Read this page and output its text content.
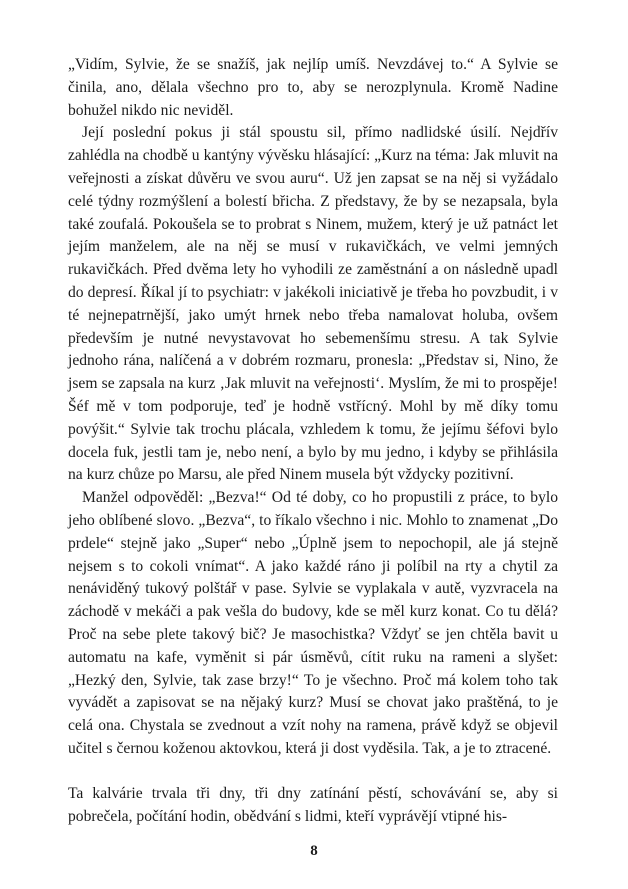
„Vidím, Sylvie, že se snažíš, jak nejlíp umíš. Nevzdávej to.“ A Sylvie se činila, ano, dělala všechno pro to, aby se nerozplynula. Kromě Nadine bohužel nikdo nic neviděl.

Její poslední pokus ji stál spoustu sil, přímo nadlidské úsilí. Nejdřív zahlédla na chodbě u kantýny vývěsku hlásající: „Kurz na téma: Jak mluvit na veřejnosti a získat důvěru ve svou auru“. Už jen zapsat se na něj si vyžádalo celé týdny rozmýšlení a bolestí břicha. Z představy, že by se nezapsala, byla také zoufalá. Pokoušela se to probrat s Ninem, mužem, který je už patnáct let jejím manželem, ale na něj se musí v rukavičkách, ve velmi jemných rukavičkách. Před dvěma lety ho vyhodili ze zaměstnání a on následně upadl do depresí. Říkal jí to psychiatr: v jakékoli iniciativě je třeba ho povzbudit, i v té nejnepatrnější, jako umýt hrnek nebo třeba namalovat holuba, ovšem především je nutné nevystavovat ho sebemenšímu stresu. A tak Sylvie jednoho rána, nalíčená a v dobrém rozmaru, pronesla: „Představ si, Nino, že jsem se zapsala na kurz ‚Jak mluvit na veřejnosti‘. Myslím, že mi to prospěje! Šéf mě v tom podporuje, teď je hodně vstřícný. Mohl by mě díky tomu povýšit.“ Sylvie tak trochu plácala, vzhledem k tomu, že jejímu šéfovi bylo docela fuk, jestli tam je, nebo není, a bylo by mu jedno, i kdyby se přihlásila na kurz chůze po Marsu, ale před Ninem musela být vždycky pozitivní.

Manžel odpověděl: „Bezva!“ Od té doby, co ho propustili z práce, to bylo jeho oblíbené slovo. „Bezva“, to říkalo všechno i nic. Mohlo to znamenat „Do prdele“ stejně jako „Super“ nebo „Úplně jsem to nepochopil, ale já stejně nejsem s to cokoli vnímat“. A jako každé ráno ji políbil na rty a chytil za nenáviděný tukový polštář v pase. Sylvie se vyplakala v autě, vyzvracela na záchodě v mekáči a pak vešla do budovy, kde se měl kurz konat. Co tu dělá? Proč na sebe plete takový bič? Je masochistka? Vždyť se jen chtěla bavit u automatu na kafe, vyměnit si pár úsměvů, cítit ruku na rameni a slyšet: „Hezký den, Sylvie, tak zase brzy!“ To je všechno. Proč má kolem toho tak vyvádět a zapisovat se na nějaký kurz? Musí se chovat jako praštěná, to je celá ona. Chystala se zvednout a vzít nohy na ramena, právě když se objevil učitel s černou koženou aktovkou, která ji dost vyděsila. Tak, a je to ztracené.

Ta kalvárie trvala tři dny, tři dny zatínání pěstí, schovávání se, aby si pobrečela, počítání hodin, obědvání s lidmi, kteří vyprávějí vtipné his-

8
